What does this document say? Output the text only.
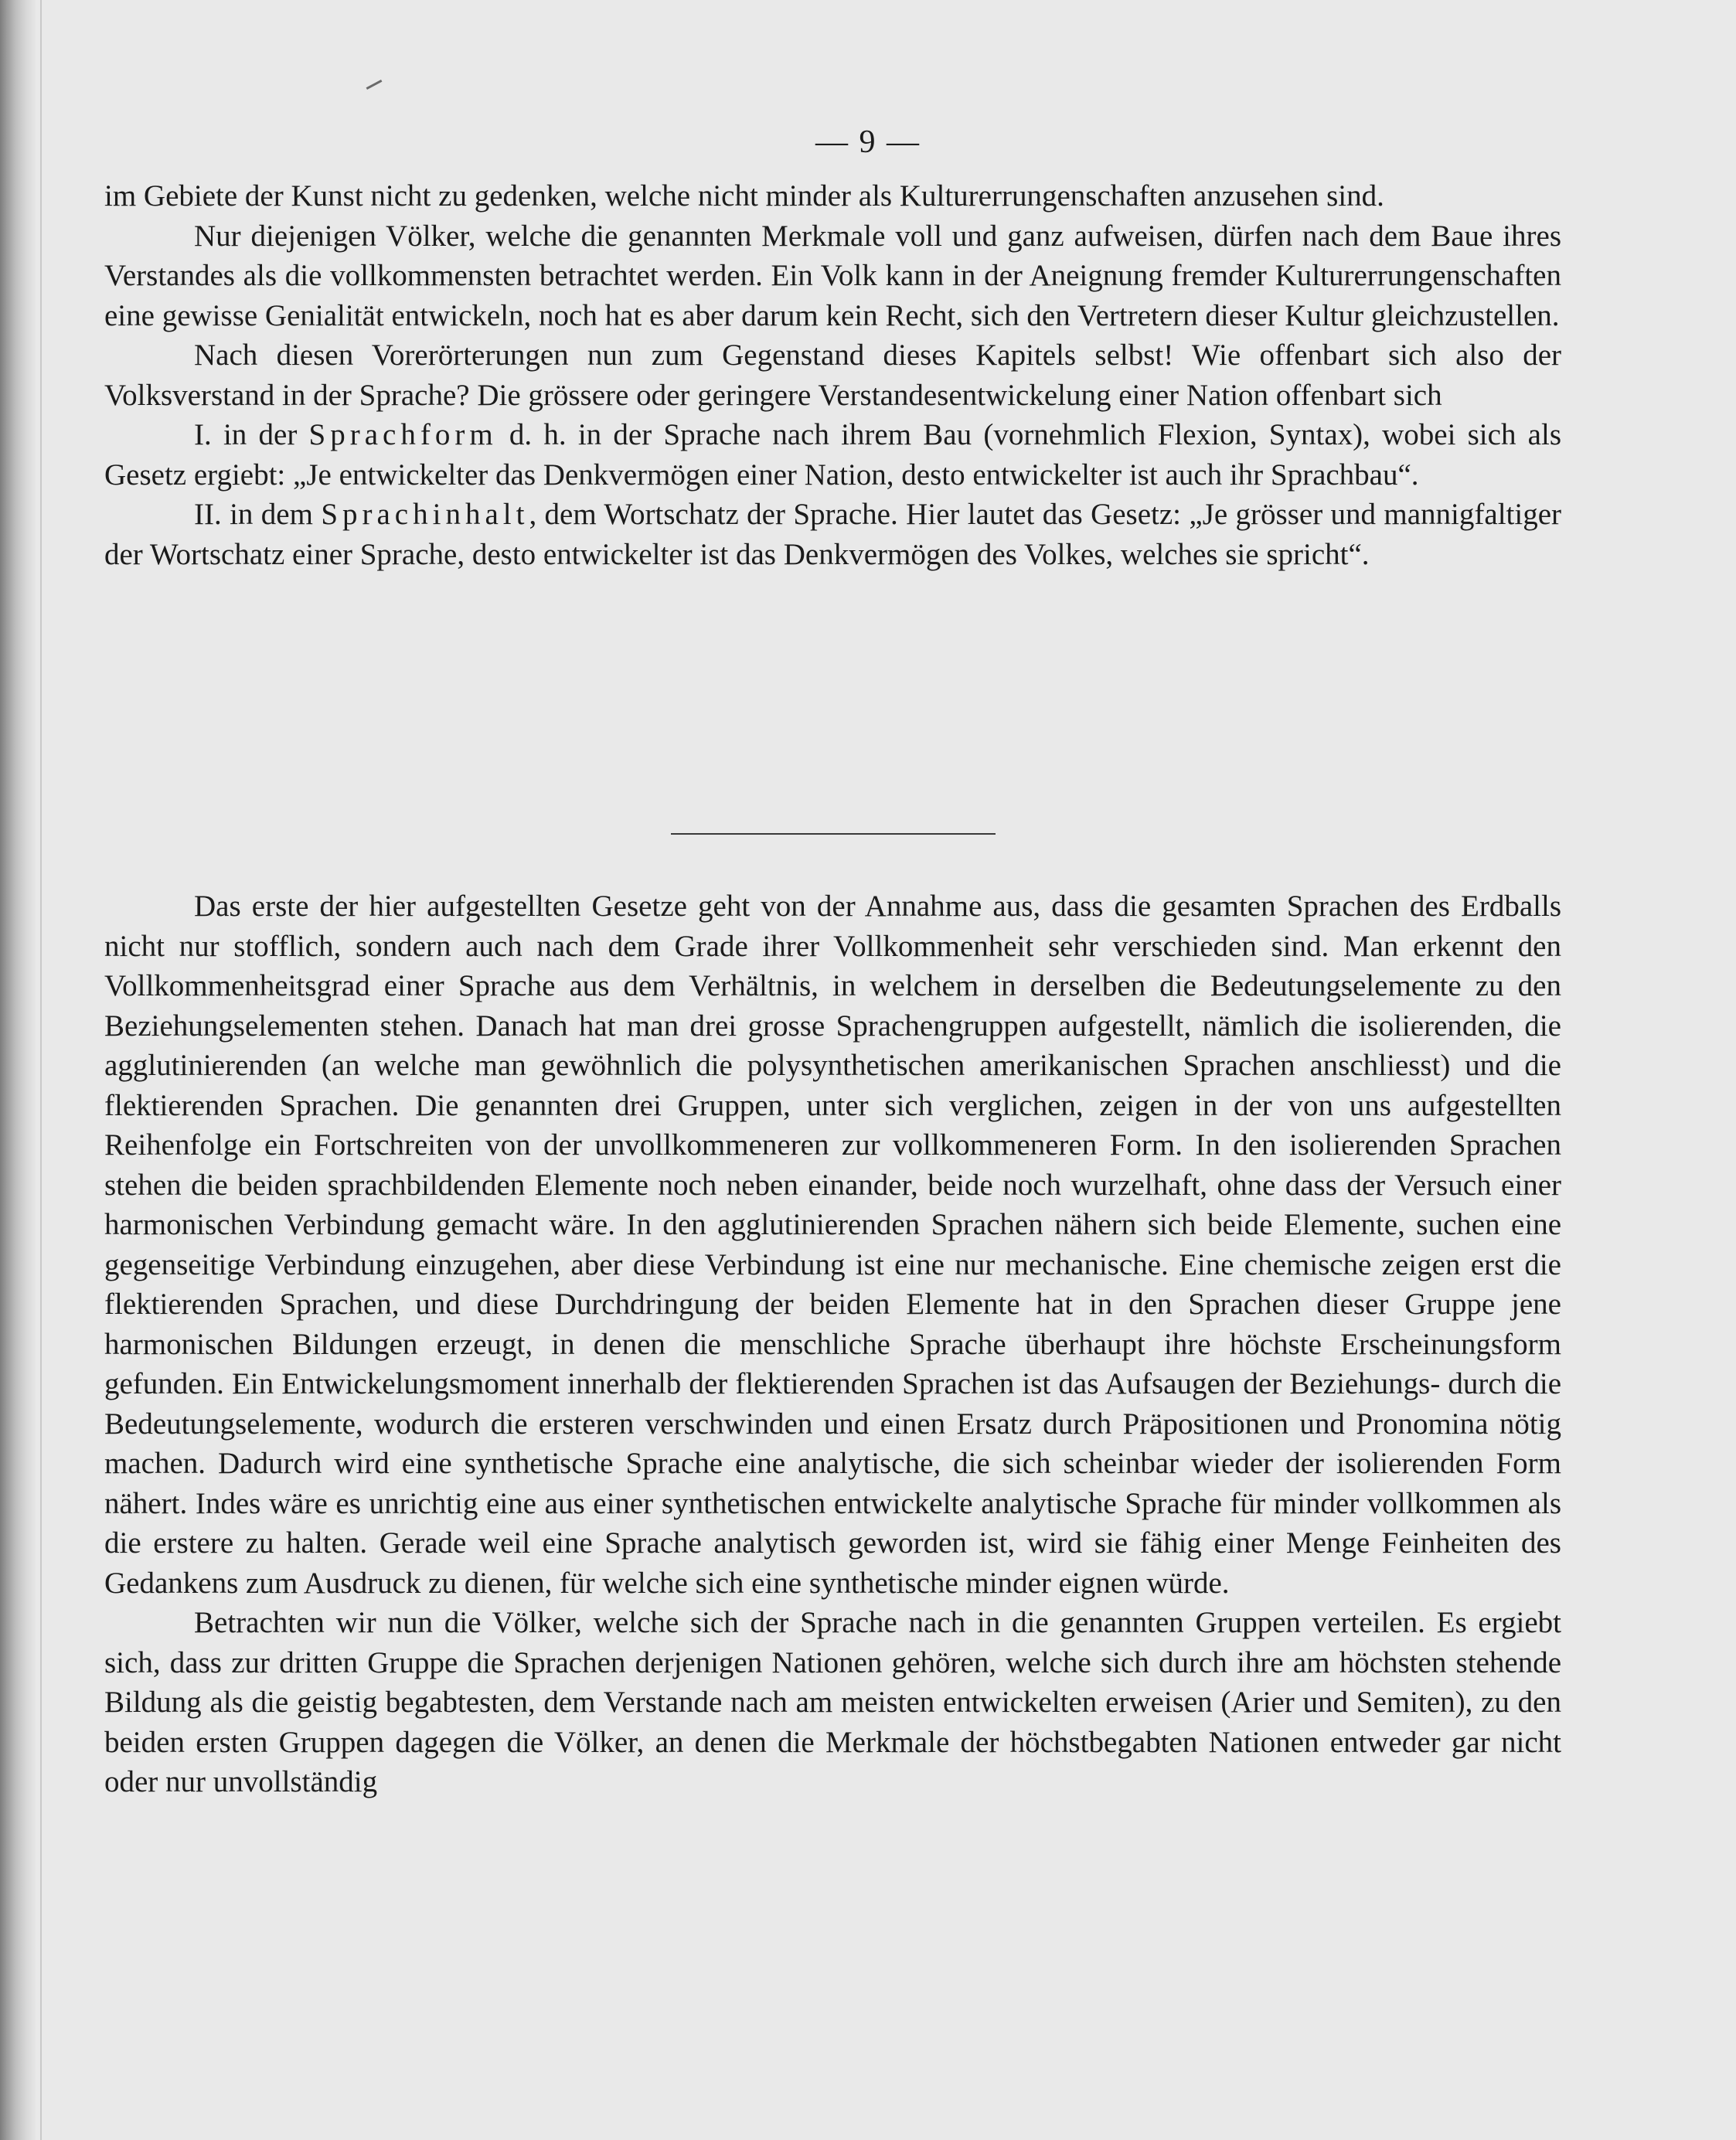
— 9 —

im Gebiete der Kunst nicht zu gedenken, welche nicht minder als Kulturerrungenschaften anzusehen sind.

Nur diejenigen Völker, welche die genannten Merkmale voll und ganz aufweisen, dürfen nach dem Baue ihres Verstandes als die vollkommensten betrachtet werden. Ein Volk kann in der Aneignung fremder Kulturerrungenschaften eine gewisse Genialität entwickeln, noch hat es aber darum kein Recht, sich den Vertretern dieser Kultur gleichzustellen.

Nach diesen Vorerörterungen nun zum Gegenstand dieses Kapitels selbst! Wie offenbart sich also der Volksverstand in der Sprache? Die grössere oder geringere Verstandesentwickelung einer Nation offenbart sich

I. in der Sprachform d. h. in der Sprache nach ihrem Bau (vornehmlich Flexion, Syntax), wobei sich als Gesetz ergiebt: „Je entwickelter das Denkvermögen einer Nation, desto entwickelter ist auch ihr Sprachbau“.

II. in dem Sprachinhalt, dem Wortschatz der Sprache. Hier lautet das Gesetz: „Je grösser und mannigfaltiger der Wortschatz einer Sprache, desto entwickelter ist das Denkvermögen des Volkes, welches sie spricht“.

Das erste der hier aufgestellten Gesetze geht von der Annahme aus, dass die gesamten Sprachen des Erdballs nicht nur stofflich, sondern auch nach dem Grade ihrer Vollkommenheit sehr verschieden sind. Man erkennt den Vollkommenheitsgrad einer Sprache aus dem Verhältnis, in welchem in derselben die Bedeutungselemente zu den Beziehungselementen stehen. Danach hat man drei grosse Sprachengruppen aufgestellt, nämlich die isolierenden, die agglutinierenden (an welche man gewöhnlich die polysynthetischen amerikanischen Sprachen anschliesst) und die flektierenden Sprachen. Die genannten drei Gruppen, unter sich verglichen, zeigen in der von uns aufgestellten Reihenfolge ein Fortschreiten von der unvollkommeneren zur vollkommeneren Form. In den isolierenden Sprachen stehen die beiden sprachbildenden Elemente noch neben einander, beide noch wurzelhaft, ohne dass der Versuch einer harmonischen Verbindung gemacht wäre. In den agglutinierenden Sprachen nähern sich beide Elemente, suchen eine gegenseitige Verbindung einzugehen, aber diese Verbindung ist eine nur mechanische. Eine chemische zeigen erst die flektierenden Sprachen, und diese Durchdringung der beiden Elemente hat in den Sprachen dieser Gruppe jene harmonischen Bildungen erzeugt, in denen die menschliche Sprache überhaupt ihre höchste Erscheinungsform gefunden. Ein Entwickelungsmoment innerhalb der flektierenden Sprachen ist das Aufsaugen der Beziehungs- durch die Bedeutungselemente, wodurch die ersteren verschwinden und einen Ersatz durch Präpositionen und Pronomina nötig machen. Dadurch wird eine synthetische Sprache eine analytische, die sich scheinbar wieder der isolierenden Form nähert. Indes wäre es unrichtig eine aus einer synthetischen entwickelte analytische Sprache für minder vollkommen als die erstere zu halten. Gerade weil eine Sprache analytisch geworden ist, wird sie fähig einer Menge Feinheiten des Gedankens zum Ausdruck zu dienen, für welche sich eine synthetische minder eignen würde.

Betrachten wir nun die Völker, welche sich der Sprache nach in die genannten Gruppen verteilen. Es ergiebt sich, dass zur dritten Gruppe die Sprachen derjenigen Nationen gehören, welche sich durch ihre am höchsten stehende Bildung als die geistig begabtesten, dem Verstande nach am meisten entwickelten erweisen (Arier und Semiten), zu den beiden ersten Gruppen dagegen die Völker, an denen die Merkmale der höchstbegabten Nationen entweder gar nicht oder nur unvollständig
